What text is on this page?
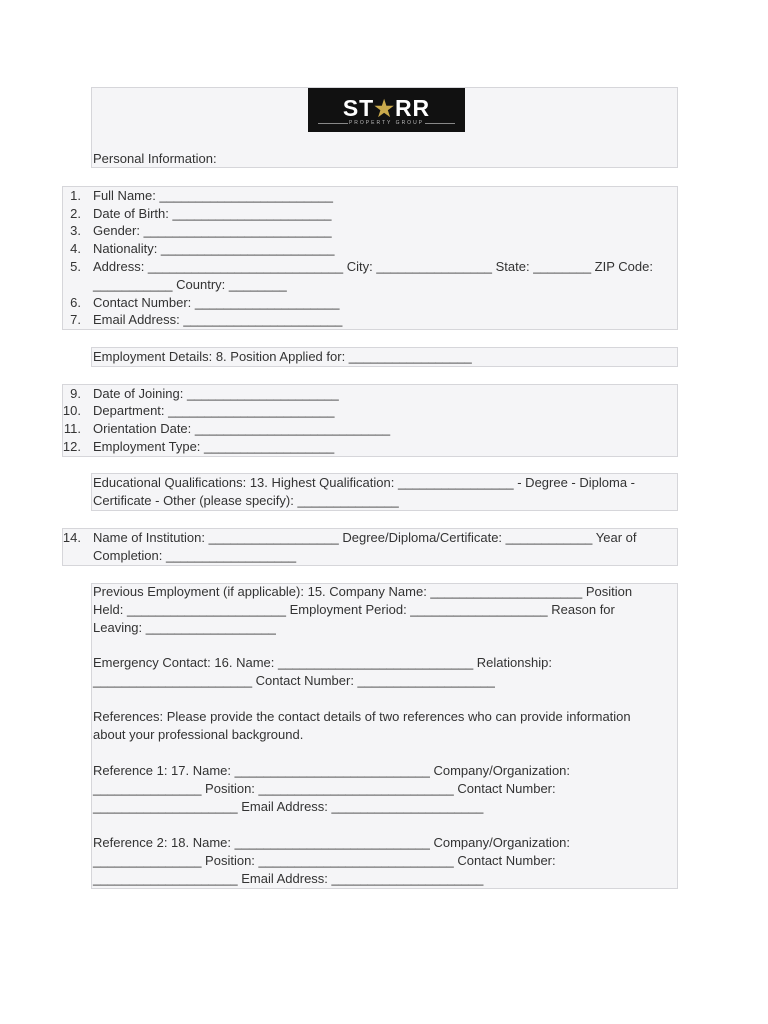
ST★RR
PROPERTY GROUP
Personal Information:
1. Full Name: ________________________
2. Date of Birth: ______________________
3. Gender: __________________________
4. Nationality: ________________________
5. Address: ___________________________ City: ________________ State: ________ ZIP Code:
___________ Country: ________
6. Contact Number: ____________________
7. Email Address: ______________________
Employment Details: 8. Position Applied for: _________________
9. Date of Joining: _____________________
10. Department: _______________________
11. Orientation Date: ___________________________
12. Employment Type: __________________
Educational Qualifications: 13. Highest Qualification: ________________ - Degree - Diploma -
Certificate - Other (please specify): ______________
14. Name of Institution: __________________ Degree/Diploma/Certificate: ____________ Year of
Completion: __________________
Previous Employment (if applicable): 15. Company Name: _____________________ Position
Held: ______________________ Employment Period: ___________________ Reason for
Leaving: __________________
Emergency Contact: 16. Name: ___________________________ Relationship:
______________________ Contact Number: ___________________
References: Please provide the contact details of two references who can provide information
about your professional background.
Reference 1: 17. Name: ___________________________ Company/Organization:
_______________ Position: ___________________________ Contact Number:
____________________ Email Address: _____________________
Reference 2: 18. Name: ___________________________ Company/Organization:
_______________ Position: ___________________________ Contact Number:
____________________ Email Address: _____________________
